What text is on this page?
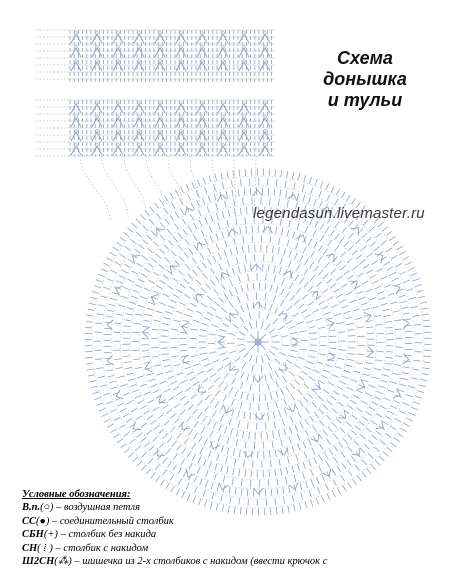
Схема
донышка
и тульи
legendasun.livemaster.ru
Условные обозначения:
В.п.(○) – воздушная петля
СС(●) – соединительный столбик
СБН(+) – столбик без накида
СН( ⁞ ) – столбик с накидом
Ш2СН(⁂) – шишечка из 2-х столбиков с накидом (ввести крючок с
